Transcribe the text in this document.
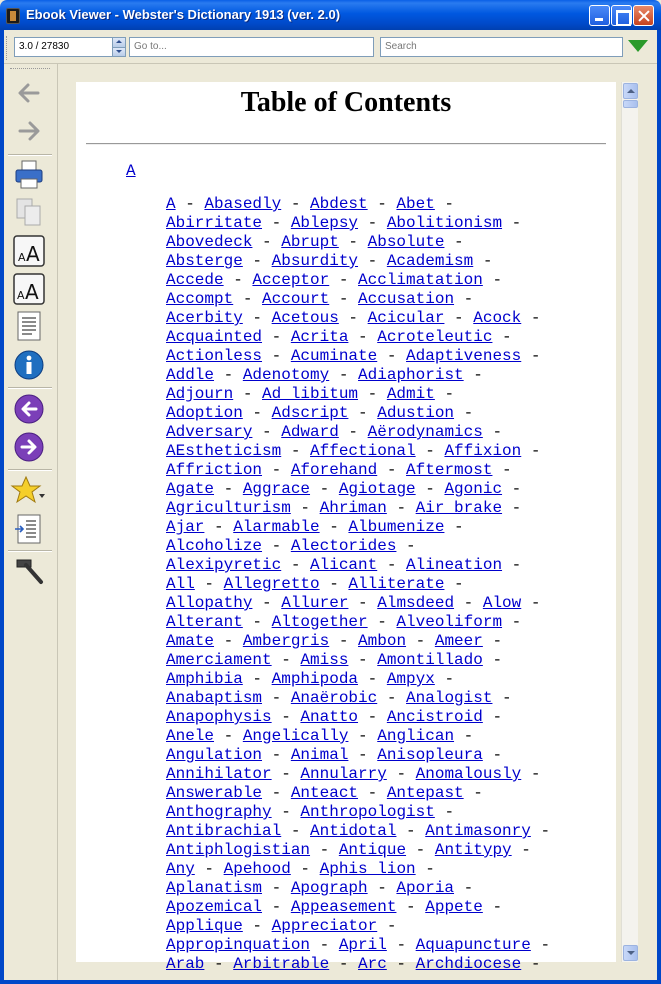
Ebook Viewer - Webster's Dictionary 1913 (ver. 2.0)
3.0 / 27830	Go to...	Search
A A
A A
Table of Contents
A
A - Abasedly - Abdest - Abet -
Abirritate - Ablepsy - Abolitionism -
Abovedeck - Abrupt - Absolute -
Absterge - Absurdity - Academism -
Accede - Acceptor - Acclimatation -
Accompt - Accourt - Accusation -
Acerbity - Acetous - Acicular - Acock -
Acquainted - Acrita - Acroteleutic -
Actionless - Acuminate - Adaptiveness -
Addle - Adenotomy - Adiaphorist -
Adjourn - Ad libitum - Admit -
Adoption - Adscript - Adustion -
Adversary - Adward - Aërodynamics -
AEstheticism - Affectional - Affixion -
Affriction - Aforehand - Aftermost -
Agate - Aggrace - Agiotage - Agonic -
Agriculturism - Ahriman - Air brake -
Ajar - Alarmable - Albumenize -
Alcoholize - Alectorides -
Alexipyretic - Alicant - Alineation -
All - Allegretto - Alliterate -
Allopathy - Allurer - Almsdeed - Alow -
Alterant - Altogether - Alveoliform -
Amate - Ambergris - Ambon - Ameer -
Amerciament - Amiss - Amontillado -
Amphibia - Amphipoda - Ampyx -
Anabaptism - Anaërobic - Analogist -
Anapophysis - Anatto - Ancistroid -
Anele - Angelically - Anglican -
Angulation - Animal - Anisopleura -
Annihilator - Annularry - Anomalously -
Answerable - Anteact - Antepast -
Anthography - Anthropologist -
Antibrachial - Antidotal - Antimasonry -
Antiphlogistian - Antique - Antitypy -
Any - Apehood - Aphis lion -
Aplanatism - Apograph - Aporia -
Apozemical - Appeasement - Appete -
Applique - Appreciator -
Appropinquation - April - Aquapuncture -
Arab - Arbitrable - Arc - Archdiocese -
